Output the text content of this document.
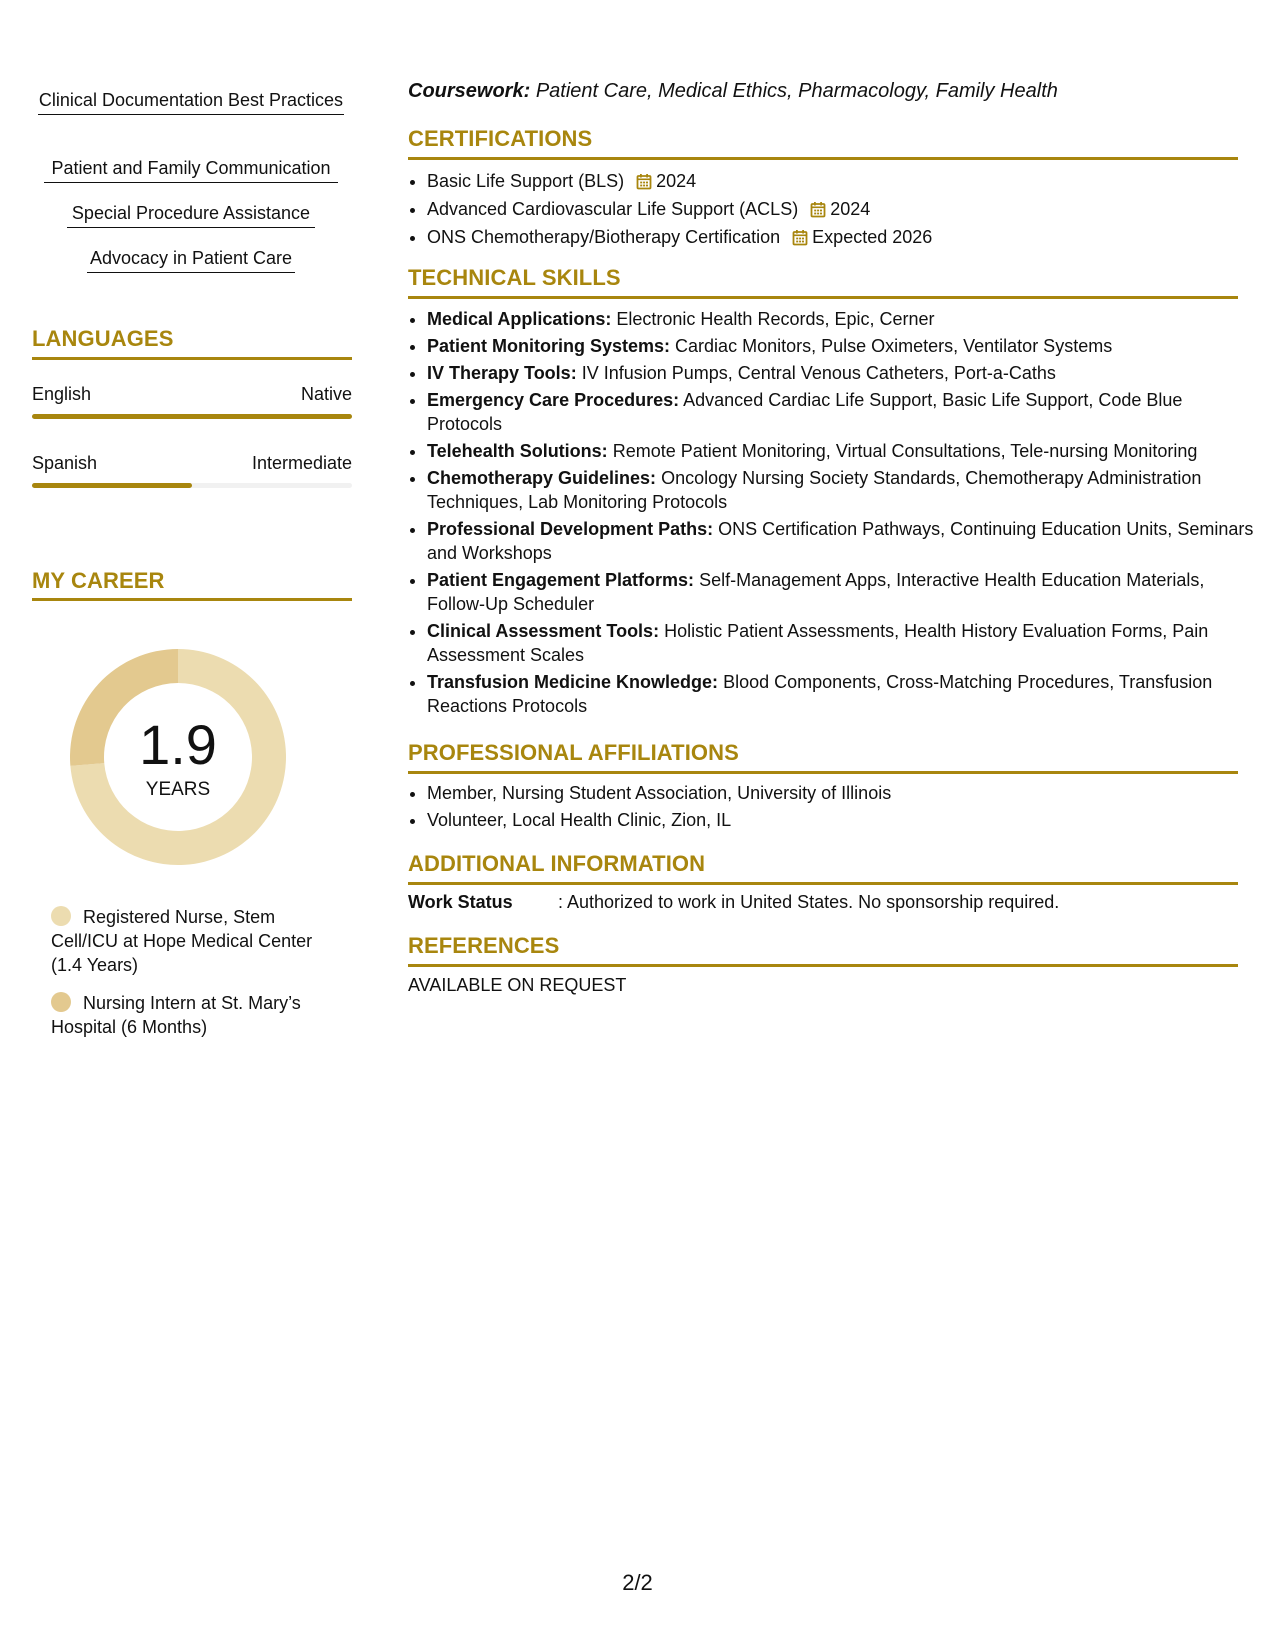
Clinical Documentation Best Practices
Patient and Family Communication
Special Procedure Assistance
Advocacy in Patient Care
LANGUAGES
English	Native
Spanish	Intermediate
MY CAREER
1.9
YEARS
Registered Nurse, Stem Cell/ICU at Hope Medical Center (1.4 Years)
Nursing Intern at St. Mary’s Hospital (6 Months)
Coursework: Patient Care, Medical Ethics, Pharmacology, Family Health
CERTIFICATIONS
• Basic Life Support (BLS) 2024
• Advanced Cardiovascular Life Support (ACLS) 2024
• ONS Chemotherapy/Biotherapy Certification Expected 2026
TECHNICAL SKILLS
• Medical Applications: Electronic Health Records, Epic, Cerner
• Patient Monitoring Systems: Cardiac Monitors, Pulse Oximeters, Ventilator Systems
• IV Therapy Tools: IV Infusion Pumps, Central Venous Catheters, Port-a-Caths
• Emergency Care Procedures: Advanced Cardiac Life Support, Basic Life Support, Code Blue Protocols
• Telehealth Solutions: Remote Patient Monitoring, Virtual Consultations, Tele-nursing Monitoring
• Chemotherapy Guidelines: Oncology Nursing Society Standards, Chemotherapy Administration Techniques, Lab Monitoring Protocols
• Professional Development Paths: ONS Certification Pathways, Continuing Education Units, Seminars and Workshops
• Patient Engagement Platforms: Self-Management Apps, Interactive Health Education Materials, Follow-Up Scheduler
• Clinical Assessment Tools: Holistic Patient Assessments, Health History Evaluation Forms, Pain Assessment Scales
• Transfusion Medicine Knowledge: Blood Components, Cross-Matching Procedures, Transfusion Reactions Protocols
PROFESSIONAL AFFILIATIONS
• Member, Nursing Student Association, University of Illinois
• Volunteer, Local Health Clinic, Zion, IL
ADDITIONAL INFORMATION
Work Status	: Authorized to work in United States. No sponsorship required.
REFERENCES
AVAILABLE ON REQUEST
2/2
